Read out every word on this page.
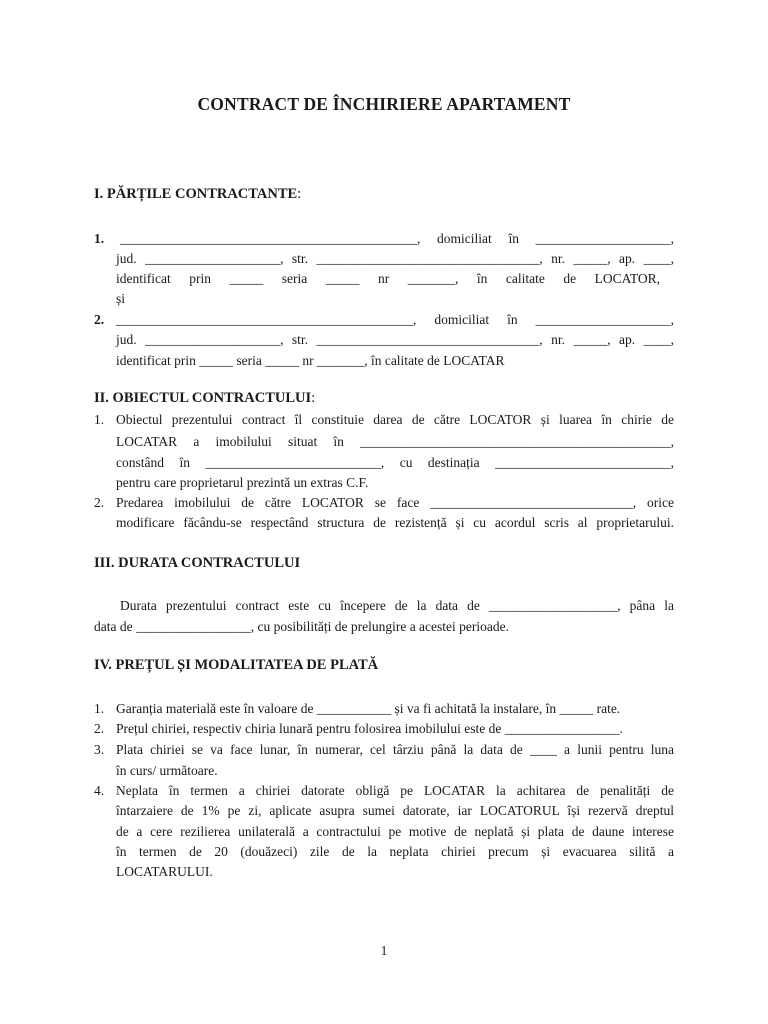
CONTRACT DE ÎNCHIRIERE APARTAMENT
I. PĂRȚILE CONTRACTANTE:
1. ____________________________________________, domiciliat în ____________________,
jud. ____________________, str. _________________________________, nr. _____, ap. ____,
identificat prin _____ seria _____ nr _______, în calitate de LOCATOR,
și
2. ____________________________________________, domiciliat în ____________________,
jud. ____________________, str. _________________________________, nr. _____, ap. ____,
identificat prin _____ seria _____ nr _______, în calitate de LOCATAR
II. OBIECTUL CONTRACTULUI:
1. Obiectul prezentului contract îl constituie darea de către LOCATOR și luarea în chirie de
LOCATAR a imobilului situat în ______________________________________________,
constând în __________________________, cu destinația __________________________,
pentru care proprietarul prezintă un extras C.F.
2. Predarea imobilului de către LOCATOR se face ______________________________, orice
modificare făcându-se respectând structura de rezistență și cu acordul scris al proprietarului.
III. DURATA CONTRACTULUI
Durata prezentului contract este cu începere de la data de ___________________, pâna la
data de _________________, cu posibilități de prelungire a acestei perioade.
IV. PREȚUL ȘI MODALITATEA DE PLATĂ
1. Garanția materială este în valoare de ___________ și va fi achitată la instalare, în _____ rate.
2. Prețul chiriei, respectiv chiria lunară pentru folosirea imobilului este de _________________.
3. Plata chiriei se va face lunar, în numerar, cel târziu până la data de ____ a lunii pentru luna
în curs/ următoare.
4. Neplata în termen a chiriei datorate obligă pe LOCATAR la achitarea de penalități de
întarzaiere de 1% pe zi, aplicate asupra sumei datorate, iar LOCATORUL își rezervă dreptul
de a cere rezilierea unilaterală a contractului pe motive de neplată și plata de daune interese
în termen de 20 (douăzeci) zile de la neplata chiriei precum și evacuarea silită a
LOCATARULUI.
1
